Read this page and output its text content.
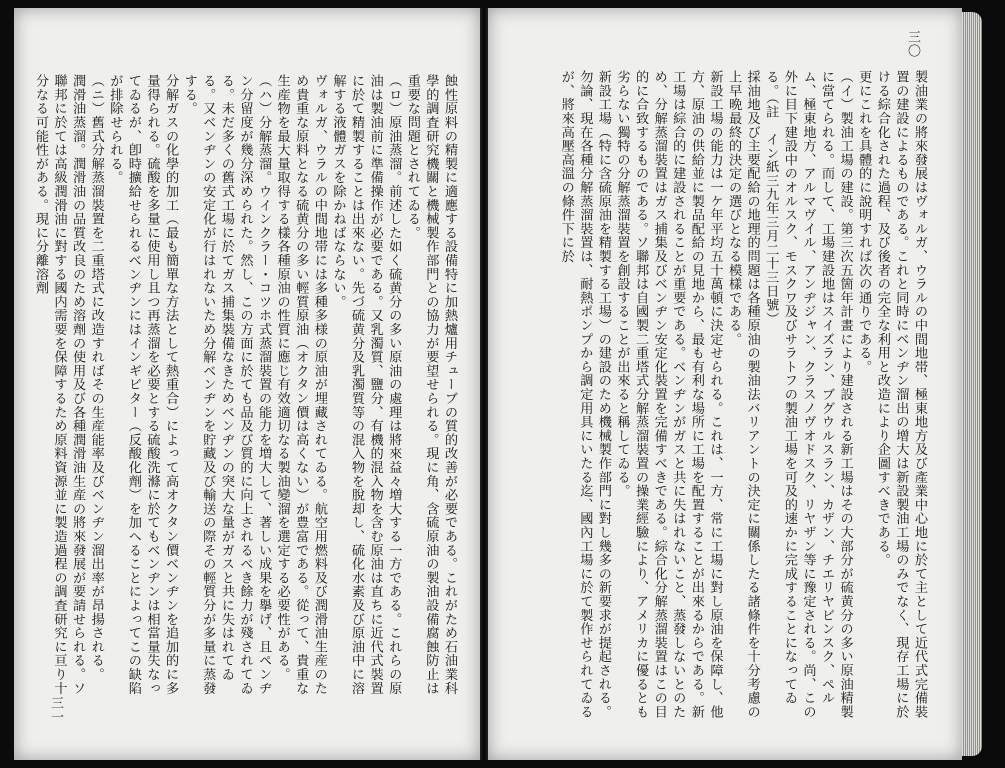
蝕性原料の精製に適應する設備特に加熱爐用チューブの質的改善が必要である。これがため石油業科學的調査研究機關と機械製作部門との協力が要望せられる。現に角、含硫原油の製油設備腐蝕防止は重要な問題とされてゐる。
（ロ）原油蒸溜。前述した如く硫黄分の多い原油の處理は將來益々増大する一方である。これらの原油は製油前に準備操作が必要である。又乳濁質、鹽分、有機的混入物を含む原油は直ちに近代式裝置に於て精製することは出來ない。先づ硫黄分及乳濁質等の混入物を脫却し、硫化水素及び原油中に溶解する液體ガスを除かねばならない。
ヴォルガ、ウラルの中間地帯には多種多様の原油が埋藏されてゐる。航空用燃料及び潤滑油生産のため貴重な原料となる硫黄分の多い輕質原油（オクタン價は高くない）が豊富である。從って、貴重な生産物を最大量取得する樣各種原油の性質に應じ有效適切なる製油變溜を選定する必要性がある。
（ハ）分解蒸溜。ウインクラー・コツホ式蒸溜裝置の能力を増大して、著しい成果を擧げ、且ペンヂン分留度が幾分深められた。然し、この方面に於ても品及び質的に向上されるべき餘力が殘されてゐる。未だ多くの舊式工場に於てガス捕集裝備なきためベンヂンの突大な量がガスと共に失はれてゐる。又ベンヂンの安定化が行はれないため分解ベンヂンを貯藏及び輸送の際その輕質分が多量に蒸發する。
分解ガスの化學的加工（最も簡單な方法として熱重合）によって高オクタン價ベンヂンを追加的に多量得られる。硫酸を多量に使用し且つ再蒸溜を必要とする硫酸洗滌に於てもベンヂンは相當量失なってゐるが、卽時擴給せられるべンヂンにはインギビター（反酸化劑）を加へることによってこの缺陷が排除せられる。
（ニ）舊式分解蒸溜裝置を二重塔式に改造すればその生産能率及びベンヂン溜出率が昂揚される。
潤滑油蒸溜。潤滑油の品質改良のため溶劑の使用及び各種潤滑油生産の將來發展が要請せられる。ソ聯邦に於ては高級潤滑油に對する國内需要を保障するため原料資源並に製造過程の調査研究に亘り十分なる可能性がある。現に分離溶劑
三一	製油業の將來發展はヴォルガ、ウラルの中間地帯、極東地方及び產業中心地に於て主として近代式完備裝置の建設によるものである。これと同時にベンヂン溜出の增大は新設製油工場のみでなく、現存工場に於ける綜合化された過程、及び後者の完全な利用と改造により企圖すべきである。
更にこれを具體的に說明すれば次の通りである。
（イ）製油工場の建設。第三次五箇年計畫により建設される新工場はその大部分が硫黄分の多い原油精製に當てられる。而して、工場建設地はスイズラン、ブグウルスラン、カザン、チエリヤビンスク、ペルム、極東地方、アルマヴイル、アンヂジャン、クラスノヴオドスク、リヤザン等に豫定される。尚、この外に目下建設中のオルスク、モスクワ及びサラトフの製油工場を可及的速かに完成することになってゐる。（註　イン紙三九年三月二十三日號）
採油地及び主要配給の地理的問題は各種原油の製油法バリアントの決定に關係したる諸條件を十分考慮の上早晩最終的決定の選びとなる模樣である。
新設工場の能力は一ケ年平均五十萬頓に決定せられる。これは、一方、常に工場に對し原油を保障し、他方、原油の供給並に製品配給の見地から、最も有利な場所に工場を配置することが出來るからである。新工場は綜合的に建設されることが重要である。ベンヂンがガスと共に失はれないこと、蒸發しないとのため、分解蒸溜裝置はガス捕集及びベンヂン安定化裝置を完備すべきである。綜合化分解蒸溜裝置はこの目的に合致するものである。ソ聯邦は自國製二重塔式分解蒸溜裝置の操業經驗により、アメリカに優るとも劣らない獨特の分解蒸溜裝置を創設することが出來ると稱してゐる。
新設工場（特に含硫原油を精製する工場）の建設のため機械製作部門に對し幾多の新要求が提起される。勿論、現在各種分解蒸溜裝置は、耐熱ポンプから調定用具にいたる迄、國內工場に於て製作せられてゐるが、將來高壓高溫の條件下に於
三〇
